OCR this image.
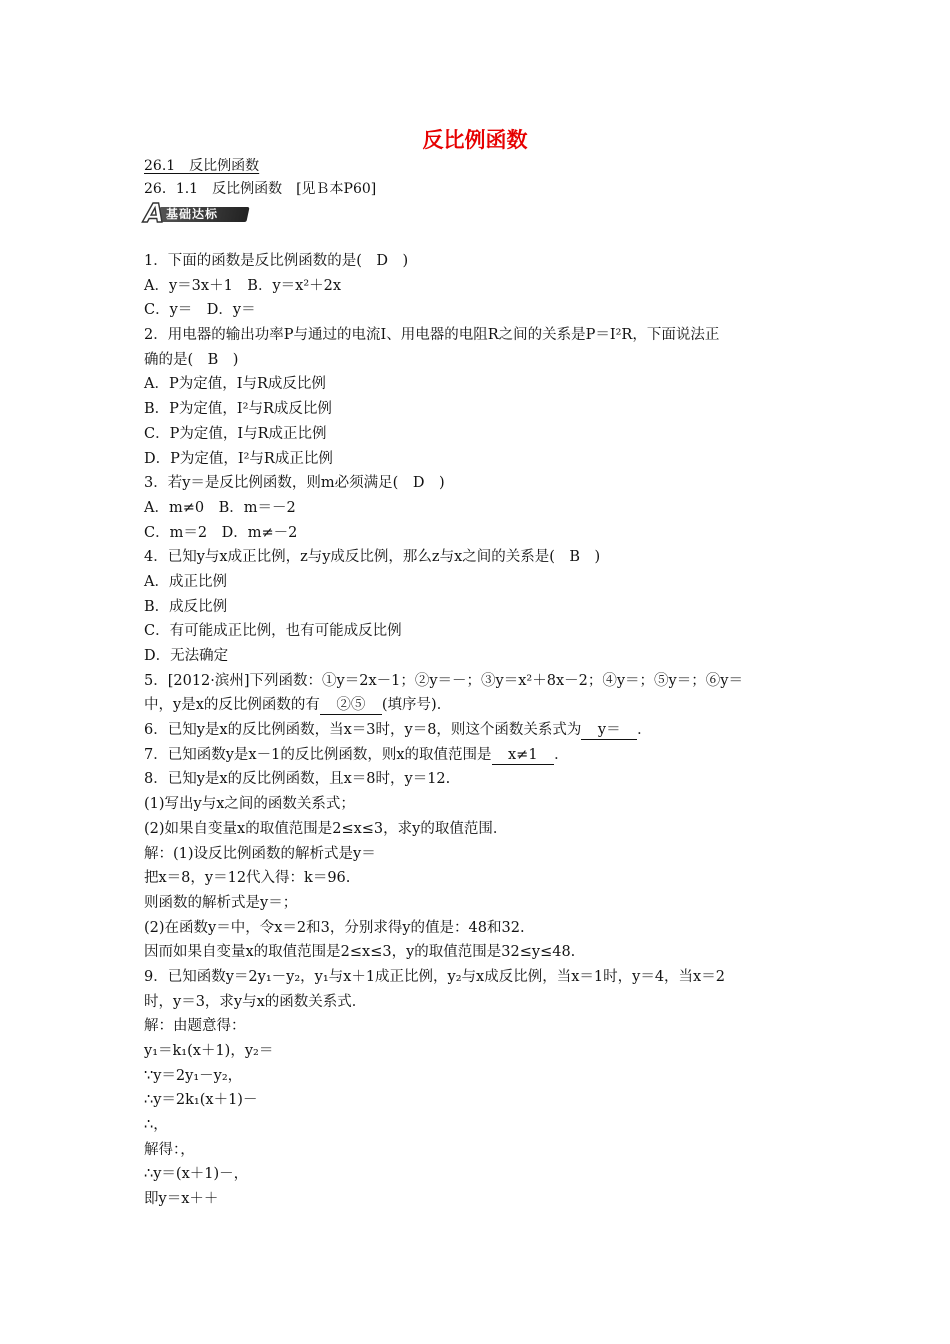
反比例函数
26.1　反比例函数
26．1.1　反比例函数　[见Ｂ本P60]
基础达标
A
1．下面的函数是反比例函数的是(　D　)
A．y＝3x＋1　B．y＝x²＋2x
C．y＝　D．y＝
2．用电器的输出功率P与通过的电流I、用电器的电阻R之间的关系是P＝I²R，下面说法正
确的是(　B　)
A．P为定值，I与R成反比例
B．P为定值，I²与R成反比例
C．P为定值，I与R成正比例
D．P为定值，I²与R成正比例
3．若y＝是反比例函数，则m必须满足(　D　)
A．m≠0　B．m＝－2
C．m＝2　D．m≠－2
4．已知y与x成正比例，z与y成反比例，那么z与x之间的关系是(　B　)
A．成正比例
B．成反比例
C．有可能成正比例，也有可能成反比例
D．无法确定
5．[2012·滨州]下列函数：①y＝2x－1；②y＝－；③y＝x²＋8x－2；④y＝；⑤y＝；⑥y＝
中，y是x的反比例函数的有　②⑤　(填序号)．
6．已知y是x的反比例函数，当x＝3时，y＝8，则这个函数关系式为　y＝　．
7．已知函数y是x－1的反比例函数，则x的取值范围是　x≠1　．
8．已知y是x的反比例函数，且x＝8时，y＝12.
(1)写出y与x之间的函数关系式；
(2)如果自变量x的取值范围是2≤x≤3，求y的取值范围．
解：(1)设反比例函数的解析式是y＝
把x＝8，y＝12代入得：k＝96.
则函数的解析式是y＝；
(2)在函数y＝中，令x＝2和3，分别求得y的值是：48和32.
因而如果自变量x的取值范围是2≤x≤3，y的取值范围是32≤y≤48.
9．已知函数y＝2y₁－y₂，y₁与x＋1成正比例，y₂与x成反比例，当x＝1时，y＝4，当x＝2
时，y＝3，求y与x的函数关系式．
解：由题意得：
y₁＝k₁(x＋1)，y₂＝
∵y＝2y₁－y₂，
∴y＝2k₁(x＋1)－
∴，
解得：，
∴y＝(x＋1)－，
即y＝x＋＋
